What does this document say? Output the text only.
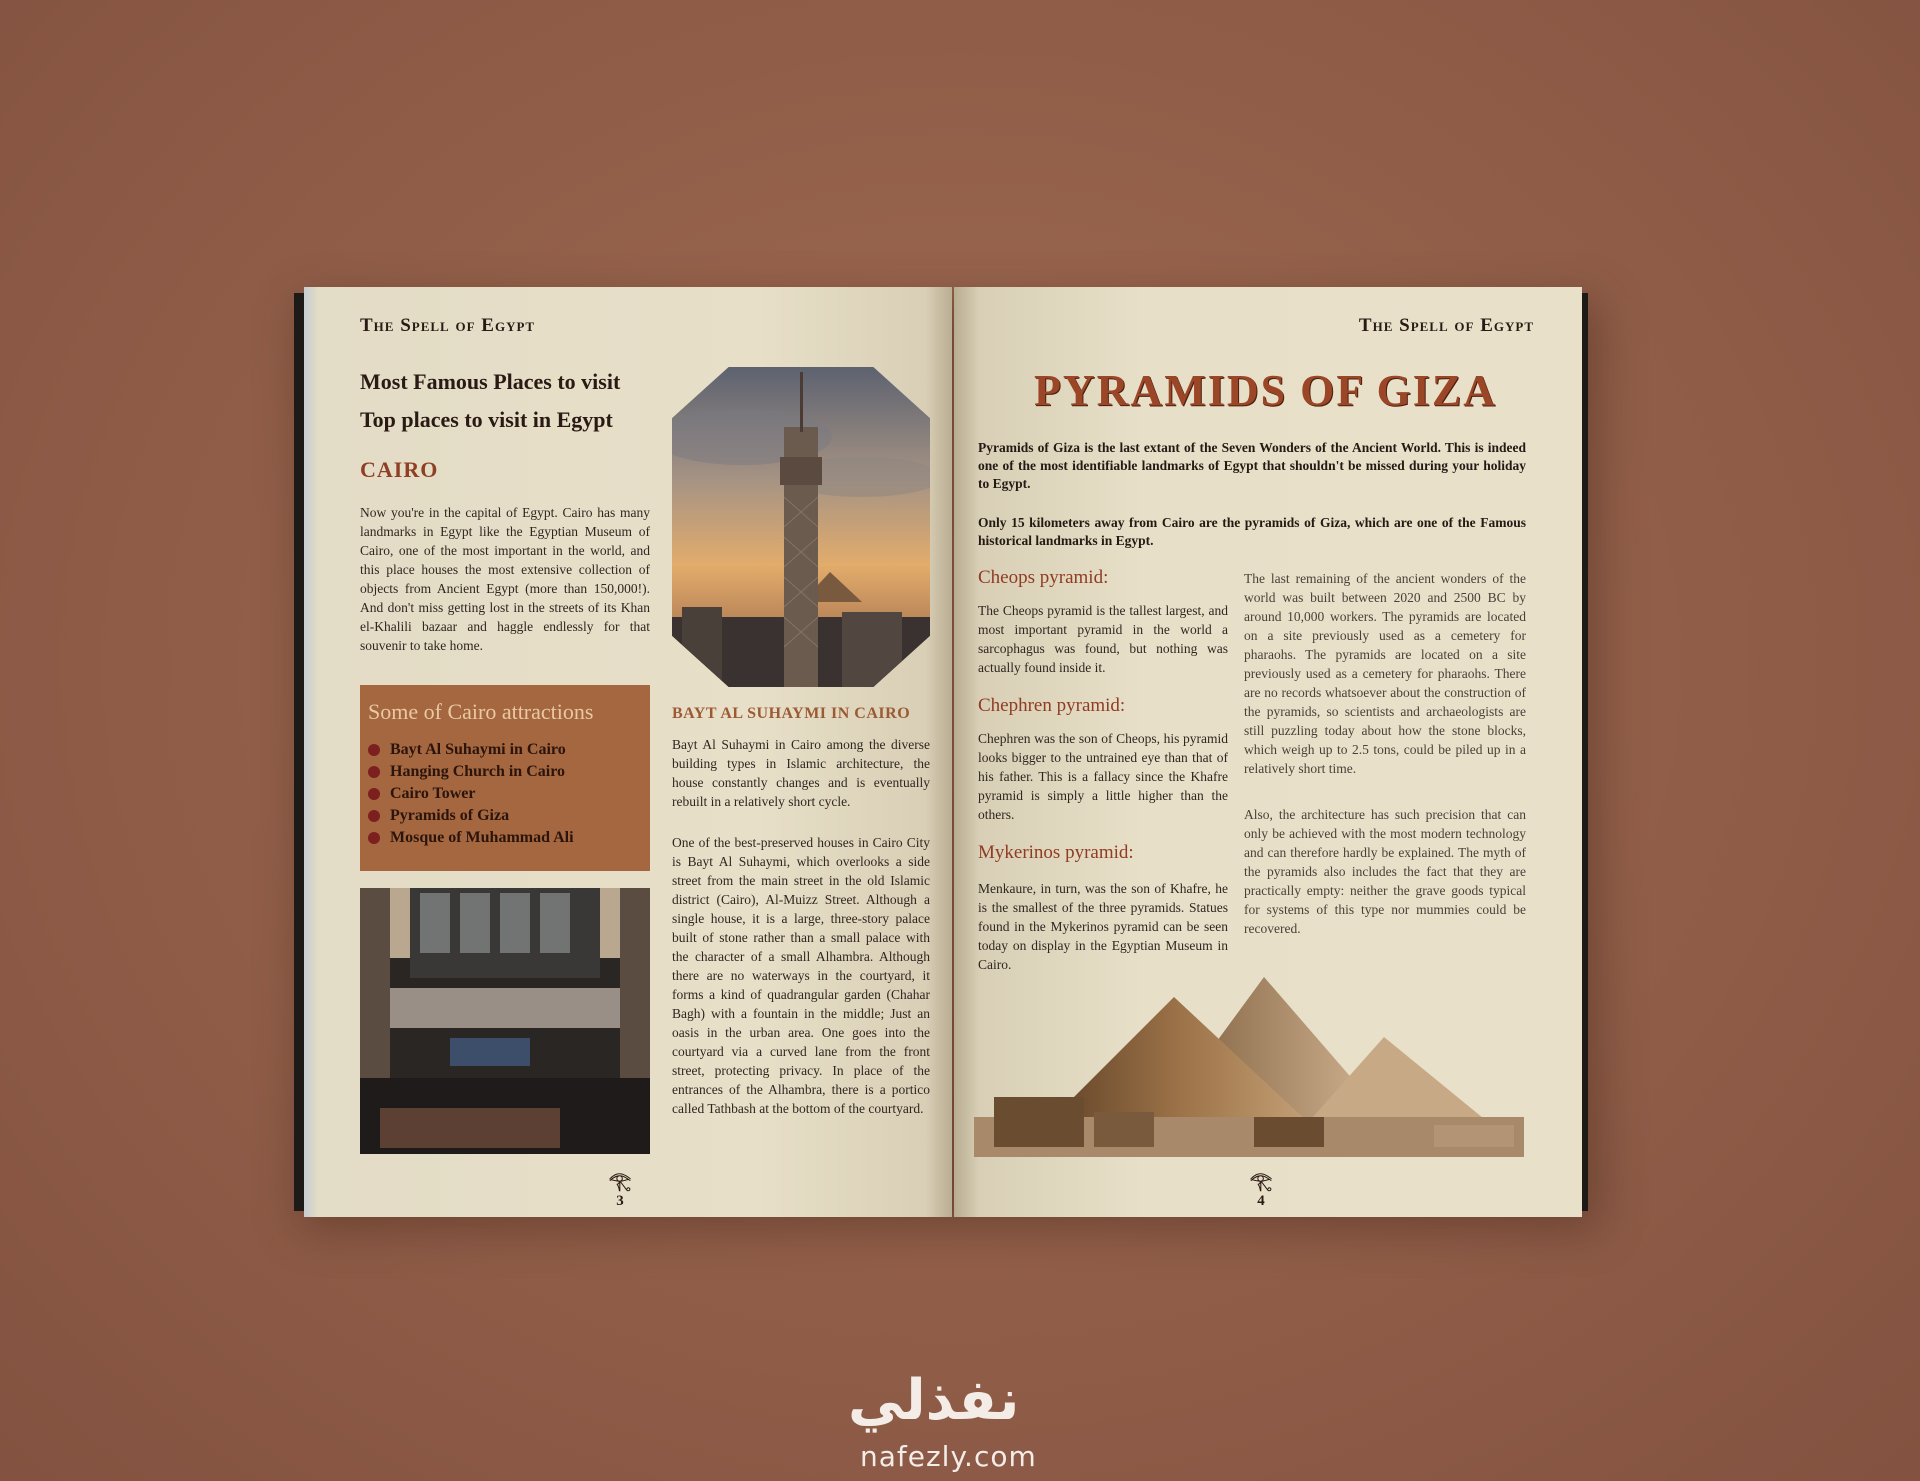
The Spell of Egypt
Most Famous Places to visit
Top places to visit in Egypt
CAIRO
Now you're in the capital of Egypt. Cairo has many landmarks in Egypt like the Egyptian Museum of Cairo, one of the most important in the world, and this place houses the most extensive collection of objects from Ancient Egypt (more than 150,000!). And don't miss getting lost in the streets of its Khan el-Khalili bazaar and haggle endlessly for that souvenir to take home.
Some of Cairo attractions
Bayt Al Suhaymi in Cairo
Hanging Church in Cairo
Cairo Tower
Pyramids of Giza
Mosque of Muhammad Ali
BAYT AL SUHAYMI IN CAIRO
Bayt Al Suhaymi in Cairo among the diverse building types in Islamic architecture, the house constantly changes and is eventually rebuilt in a relatively short cycle.
One of the best-preserved houses in Cairo City is Bayt Al Suhaymi, which overlooks a side street from the main street in the old Islamic district (Cairo), Al-Muizz Street. Although a single house, it is a large, three-story palace built of stone rather than a small palace with the character of a small Alhambra. Although there are no waterways in the courtyard, it forms a kind of quadrangular garden (Chahar Bagh) with a fountain in the middle; Just an oasis in the urban area. One goes into the courtyard via a curved lane from the front street, protecting privacy. In place of the entrances of the Alhambra, there is a portico called Tathbash at the bottom of the courtyard.
𓂀
3
The Spell of Egypt
PYRAMIDS OF GIZA
Pyramids of Giza is the last extant of the Seven Wonders of the Ancient World. This is indeed one of the most identifiable landmarks of Egypt that shouldn't be missed during your holiday to Egypt.
Only 15 kilometers away from Cairo are the pyramids of Giza, which are one of the Famous historical landmarks in Egypt.
Cheops pyramid:
The Cheops pyramid is the tallest largest, and most important pyramid in the world a sarcophagus was found, but nothing was actually found inside it.
Chephren pyramid:
Chephren was the son of Cheops, his pyramid looks bigger to the untrained eye than that of his father. This is a fallacy since the Khafre pyramid is simply a little higher than the others.
Mykerinos pyramid:
Menkaure, in turn, was the son of Khafre, he is the smallest of the three pyramids. Statues found in the Mykerinos pyramid can be seen today on display in the Egyptian Museum in Cairo.
The last remaining of the ancient wonders of the world was built between 2020 and 2500 BC by around 10,000 workers. The pyramids are located on a site previously used as a cemetery for pharaohs. The pyramids are located on a site previously used as a cemetery for pharaohs. There are no records whatsoever about the construction of the pyramids, so scientists and archaeologists are still puzzling today about how the stone blocks, which weigh up to 2.5 tons, could be piled up in a relatively short time.
Also, the architecture has such precision that can only be achieved with the most modern technology and can therefore hardly be explained. The myth of the pyramids also includes the fact that they are practically empty: neither the grave goods typical for systems of this type nor mummies could be recovered.
𓂀
4
نفذلي
nafezly.com
